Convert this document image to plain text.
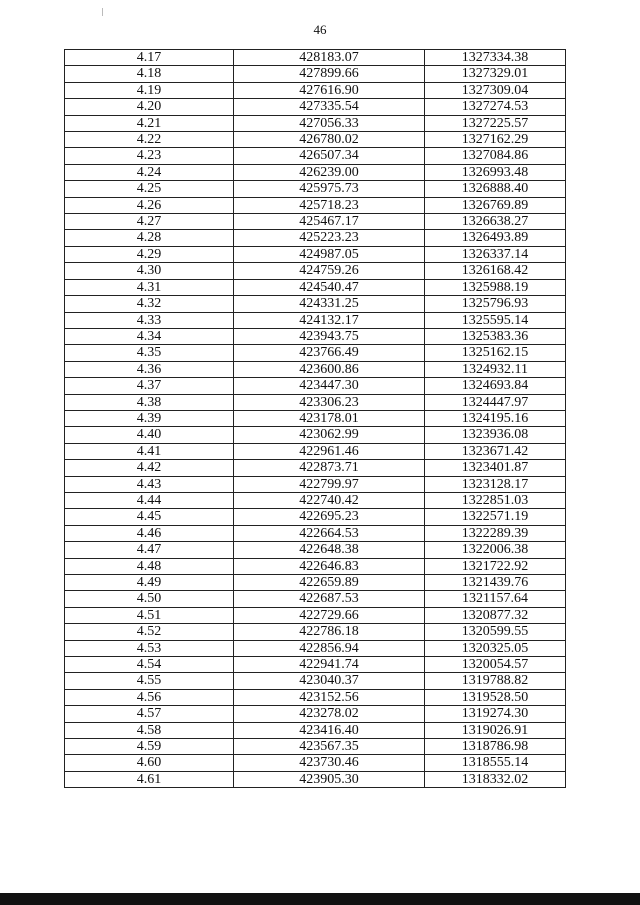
46
4.17	428183.07	1327334.38
4.18	427899.66	1327329.01
4.19	427616.90	1327309.04
4.20	427335.54	1327274.53
4.21	427056.33	1327225.57
4.22	426780.02	1327162.29
4.23	426507.34	1327084.86
4.24	426239.00	1326993.48
4.25	425975.73	1326888.40
4.26	425718.23	1326769.89
4.27	425467.17	1326638.27
4.28	425223.23	1326493.89
4.29	424987.05	1326337.14
4.30	424759.26	1326168.42
4.31	424540.47	1325988.19
4.32	424331.25	1325796.93
4.33	424132.17	1325595.14
4.34	423943.75	1325383.36
4.35	423766.49	1325162.15
4.36	423600.86	1324932.11
4.37	423447.30	1324693.84
4.38	423306.23	1324447.97
4.39	423178.01	1324195.16
4.40	423062.99	1323936.08
4.41	422961.46	1323671.42
4.42	422873.71	1323401.87
4.43	422799.97	1323128.17
4.44	422740.42	1322851.03
4.45	422695.23	1322571.19
4.46	422664.53	1322289.39
4.47	422648.38	1322006.38
4.48	422646.83	1321722.92
4.49	422659.89	1321439.76
4.50	422687.53	1321157.64
4.51	422729.66	1320877.32
4.52	422786.18	1320599.55
4.53	422856.94	1320325.05
4.54	422941.74	1320054.57
4.55	423040.37	1319788.82
4.56	423152.56	1319528.50
4.57	423278.02	1319274.30
4.58	423416.40	1319026.91
4.59	423567.35	1318786.98
4.60	423730.46	1318555.14
4.61	423905.30	1318332.02
